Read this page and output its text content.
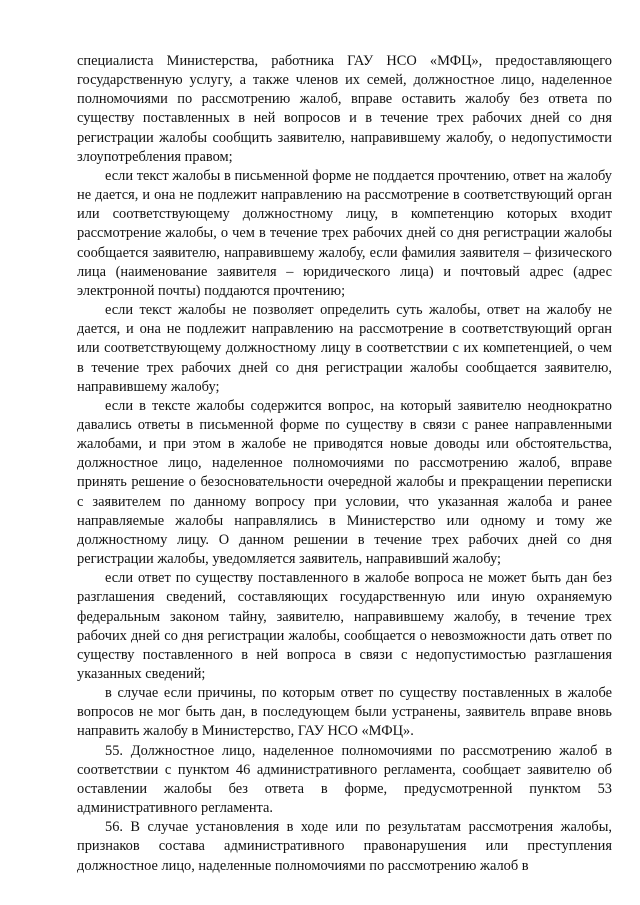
специалиста Министерства, работника ГАУ НСО «МФЦ», предоставляющего государственную услугу, а также членов их семей, должностное лицо, наделенное полномочиями по рассмотрению жалоб, вправе оставить жалобу без ответа по существу поставленных в ней вопросов и в течение трех рабочих дней со дня регистрации жалобы сообщить заявителю, направившему жалобу, о недопустимости злоупотребления правом;

если текст жалобы в письменной форме не поддается прочтению, ответ на жалобу не дается, и она не подлежит направлению на рассмотрение в соответствующий орган или соответствующему должностному лицу, в компетенцию которых входит рассмотрение жалобы, о чем в течение трех рабочих дней со дня регистрации жалобы сообщается заявителю, направившему жалобу, если фамилия заявителя – физического лица (наименование заявителя – юридического лица) и почтовый адрес (адрес электронной почты) поддаются прочтению;

если текст жалобы не позволяет определить суть жалобы, ответ на жалобу не дается, и она не подлежит направлению на рассмотрение в соответствующий орган или соответствующему должностному лицу в соответствии с их компетенцией, о чем в течение трех рабочих дней со дня регистрации жалобы сообщается заявителю, направившему жалобу;

если в тексте жалобы содержится вопрос, на который заявителю неоднократно давались ответы в письменной форме по существу в связи с ранее направленными жалобами, и при этом в жалобе не приводятся новые доводы или обстоятельства, должностное лицо, наделенное полномочиями по рассмотрению жалоб, вправе принять решение о безосновательности очередной жалобы и прекращении переписки с заявителем по данному вопросу при условии, что указанная жалоба и ранее направляемые жалобы направлялись в Министерство или одному и тому же должностному лицу. О данном решении в течение трех рабочих дней со дня регистрации жалобы, уведомляется заявитель, направивший жалобу;

если ответ по существу поставленного в жалобе вопроса не может быть дан без разглашения сведений, составляющих государственную или иную охраняемую федеральным законом тайну, заявителю, направившему жалобу, в течение трех рабочих дней со дня регистрации жалобы, сообщается о невозможности дать ответ по существу поставленного в ней вопроса в связи с недопустимостью разглашения указанных сведений;

в случае если причины, по которым ответ по существу поставленных в жалобе вопросов не мог быть дан, в последующем были устранены, заявитель вправе вновь направить жалобу в Министерство, ГАУ НСО «МФЦ».

55. Должностное лицо, наделенное полномочиями по рассмотрению жалоб в соответствии с пунктом 46 административного регламента, сообщает заявителю об оставлении жалобы без ответа в форме, предусмотренной пунктом 53 административного регламента.

56. В случае установления в ходе или по результатам рассмотрения жалобы, признаков состава административного правонарушения или преступления должностное лицо, наделенные полномочиями по рассмотрению жалоб в
